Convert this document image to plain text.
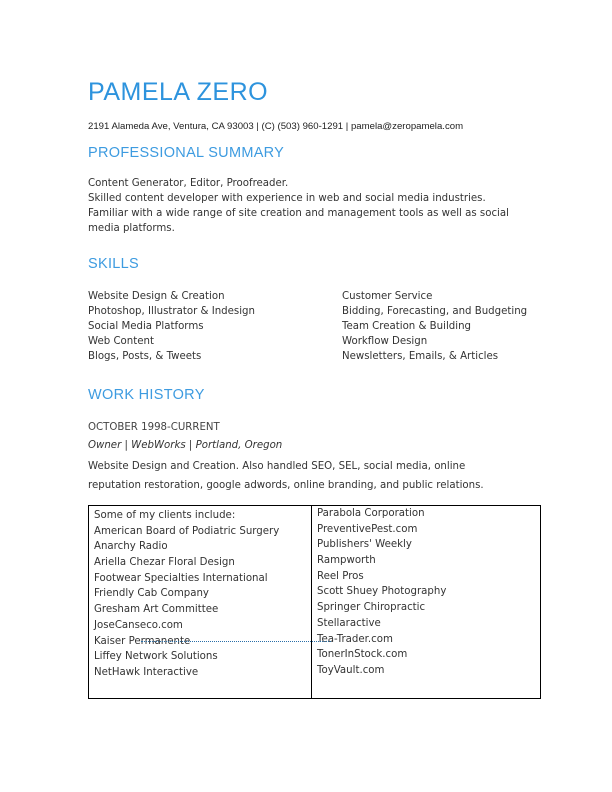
PAMELA ZERO
2191 Alameda Ave, Ventura, CA 93003 | (C) (503) 960-1291 | pamela@zeropamela.com
PROFESSIONAL SUMMARY
Content Generator, Editor, Proofreader.
Skilled content developer with experience in web and social media industries.
Familiar with a wide range of site creation and management tools as well as social
media platforms.
SKILLS
Website Design & Creation
Photoshop, Illustrator & Indesign
Social Media Platforms
Web Content
Blogs, Posts, & Tweets
Customer Service
Bidding, Forecasting, and Budgeting
Team Creation & Building
Workflow Design
Newsletters, Emails, & Articles
WORK HISTORY
OCTOBER 1998-CURRENT
Owner | WebWorks | Portland, Oregon
Website Design and Creation. Also handled SEO, SEL, social media, online
reputation restoration, google adwords, online branding, and public relations.
Some of my clients include:
American Board of Podiatric Surgery
Anarchy Radio
Ariella Chezar Floral Design
Footwear Specialties International
Friendly Cab Company
Gresham Art Committee
JoseCanseco.com
Kaiser Permanente
Liffey Network Solutions
NetHawk Interactive
Parabola Corporation
PreventivePest.com
Publishers' Weekly
Rampworth
Reel Pros
Scott Shuey Photography
Springer Chiropractic
Stellaractive
Tea-Trader.com
TonerInStock.com
ToyVault.com
